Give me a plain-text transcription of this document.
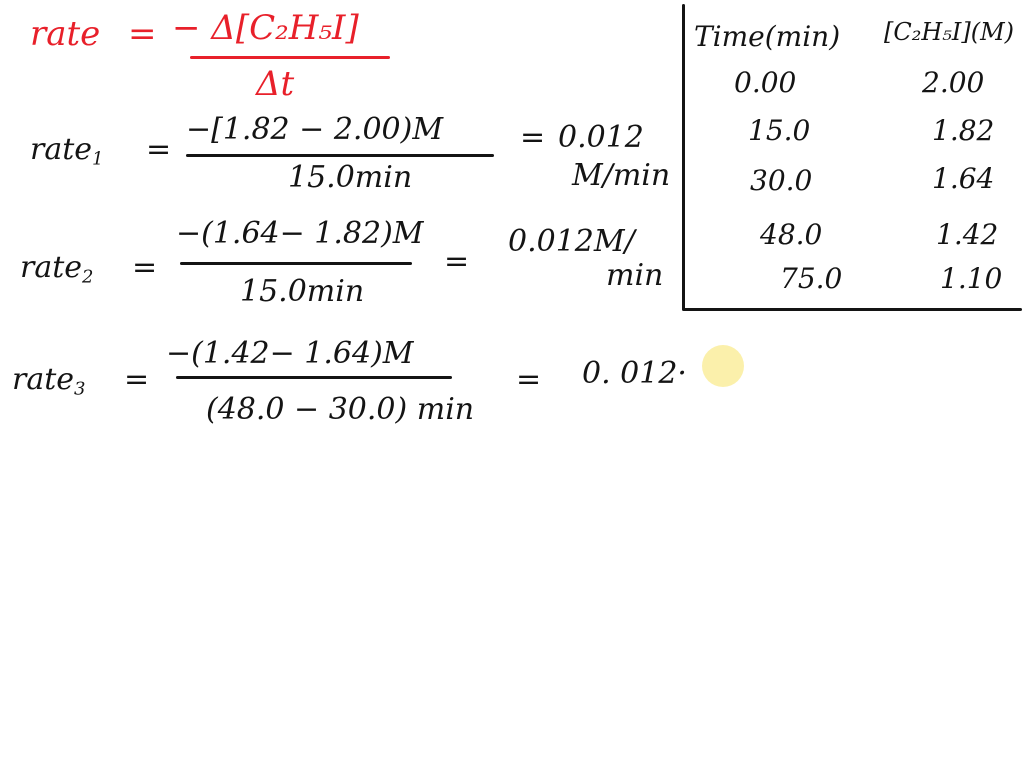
rate = − Δ[C₂H₅I]
Δt
rate$_1$ =
−[1.82 − 2.00)M
15.0min
= 0.012
M/min
rate$_2$ =
−(1.64− 1.82)M
15.0min
=
0.012M/
min
rate$_3$ =
−(1.42− 1.64)M
(48.0 − 30.0) min
= 0. 012·
Time(min) [C₂H₅I](M)
0.00	2.00
15.0	1.82
30.0	1.64
48.0	1.42
75.0	1.10
